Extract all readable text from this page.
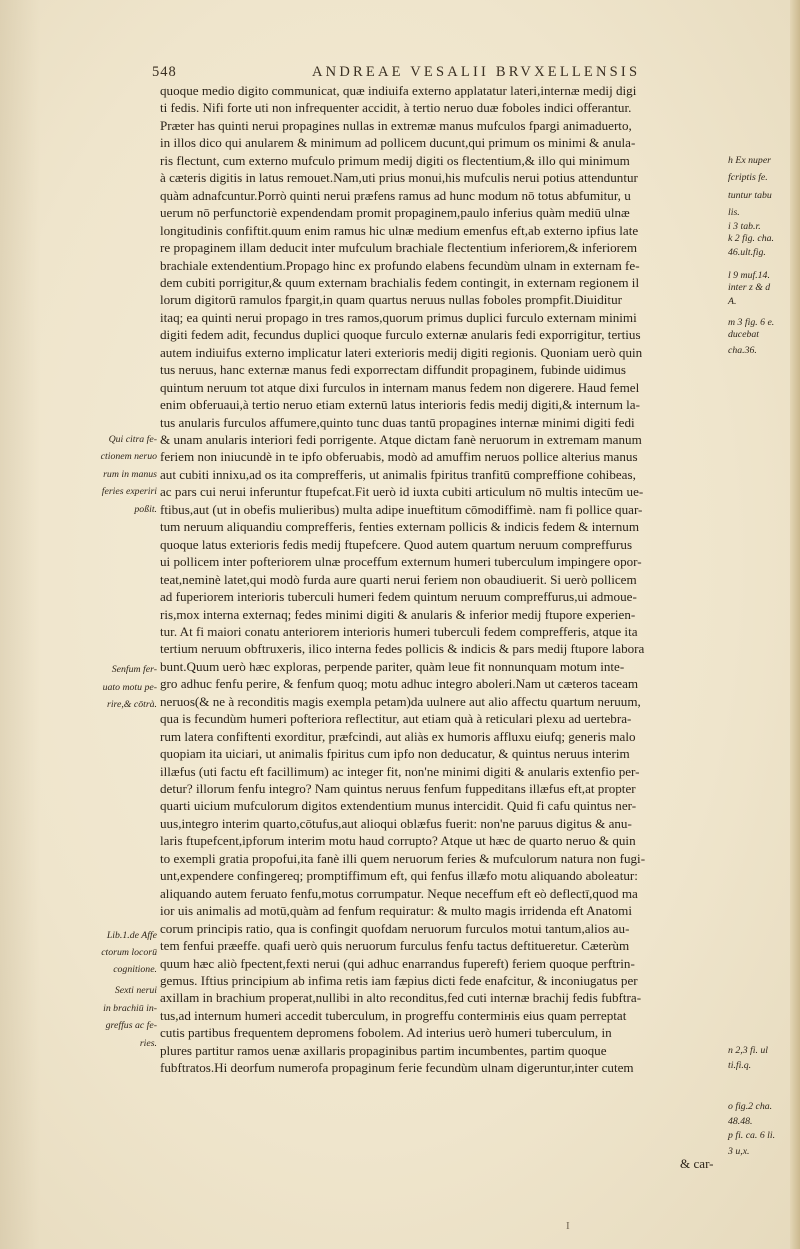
548	ANDREAE VESALII BRVXELLENSIS
quoque medio digito communicat, quæ indiuifa externo applatatur lateri,internæ medij digi
ti fedis. Nifi forte uti non infrequenter accidit, à tertio neruo duæ foboles indici offerantur.
Præter has quinti nerui propagines nullas in extremæ manus mufculos fpargi animaduerto,
in illos dico qui anularem & minimum ad pollicem ducunt,qui primum os minimi & anula-
ris flectunt, cum externo mufculo primum medij digiti os flectentium,& illo qui minimum
à cæteris digitis in latus remouet.Nam,uti prius monui,his mufculis nerui potius attenduntur
quàm adnafcuntur.Porrò quinti nerui præfens ramus ad hunc modum nō totus abfumitur, u
uerum nō perfunctoriè expendendam promit propaginem,paulo inferius quàm mediū ulnæ
longitudinis confiftit.quum enim ramus hic ulnæ medium emenfus eft,ab externo ipfius late
re propaginem illam deducit inter mufculum brachiale flectentium inferiorem,& inferiorem
brachiale extendentium.Propago hinc ex profundo elabens fecundùm ulnam in externam fe-
dem cubiti porrigitur,& quum externam brachialis fedem contingit, in externam regionem il
lorum digitorū ramulos fpargit,in quam quartus neruus nullas foboles prompfit.Diuiditur
itaq; ea quinti nerui propago in tres ramos,quorum primus duplici furculo externam minimi
digiti fedem adit, fecundus duplici quoque furculo externæ anularis fedi exporrigitur, tertius
autem indiuifus externo implicatur lateri exterioris medij digiti regionis. Quoniam uerò quin
tus neruus, hanc externæ manus fedi exporrectam diffundit propaginem, fubinde uidimus
quintum neruum tot atque dixi furculos in internam manus fedem non digerere. Haud femel
enim obferuaui,à tertio neruo etiam externū latus interioris fedis medij digiti,& internum la-
tus anularis furculos affumere,quinto tunc duas tantū propagines internæ minimi digiti fedi
& unam anularis interiori fedi porrigente. Atque dictam fanè neruorum in extremam manum
feriem non iniucundè in te ipfo obferuabis, modò ad amuffim neruos pollice alterius manus
aut cubiti innixu,ad os ita comprefferis, ut animalis fpiritus tranfitū compreffione cohibeas,
ac pars cui nerui inferuntur ftupefcat.Fit uerò id iuxta cubiti articulum nō multis intecūm ue-
ftibus,aut (ut in obefis mulieribus) multa adipe inueftitum cōmodiffimè. nam fi pollice quar-
tum neruum aliquandiu comprefferis, fenties externam pollicis & indicis fedem & internum
quoque latus exterioris fedis medij ftupefcere. Quod autem quartum neruum compreffurus
ui pollicem inter pofteriorem ulnæ proceffum externum humeri tuberculum impingere opor-
teat,neminè latet,qui modò furda aure quarti nerui feriem non obaudiuerit. Si uerò pollicem
ad fuperiorem interioris tuberculi humeri fedem quintum neruum compreffurus,ui admoue-
ris,mox interna externaq; fedes minimi digiti & anularis & inferior medij ftupore experien-
tur. At fi maiori conatu anteriorem interioris humeri tuberculi fedem comprefferis, atque ita
tertium neruum obftruxeris, ilico interna fedes pollicis & indicis & pars medij ftupore labora
bunt.Quum uerò hæc exploras, perpende pariter, quàm leue fit nonnunquam motum inte-
gro adhuc fenfu perire, & fenfum quoq; motu adhuc integro aboleri.Nam ut cæteros taceam
neruos(& ne à reconditis magis exempla petam)da uulnere aut alio affectu quartum neruum,
qua is fecundùm humeri pofteriora reflectitur, aut etiam quà à reticulari plexu ad uertebra-
rum latera confiftenti exorditur, præfcindi, aut aliàs ex humoris affluxu eiufq; generis malo
quopiam ita uiciari, ut animalis fpiritus cum ipfo non deducatur, & quintus neruus interim
illæfus (uti factu eft facillimum) ac integer fit, non'ne minimi digiti & anularis extenfio per-
detur? illorum fenfu integro? Nam quintus neruus fenfum fuppeditans illæfus eft,at propter
quarti uicium mufculorum digitos extendentium munus intercidit. Quid fi cafu quintus ner-
uus,integro interim quarto,cōtufus,aut alioqui oblæfus fuerit: non'ne paruus digitus & anu-
laris ftupefcent,ipforum interim motu haud corrupto? Atque ut hæc de quarto neruo & quin
to exempli gratia propofui,ita fanè illi quem neruorum feries & mufculorum natura non fugi-
unt,expendere confingereq; promptiffimum eft, qui fenfus illæfo motu aliquando aboleatur:
aliquando autem feruato fenfu,motus corrumpatur. Neque neceffum eft eò deflectī,quod ma
ior uis animalis ad motū,quàm ad fenfum requiratur: & multo magis irridenda eft Anatomi
corum principis ratio, qua is confingit quofdam neruorum furculos motui tantum,alios au-
tem fenfui præeffe. quafi uerò quis neruorum furculus fenfu tactus deftitueretur. Cæterùm
quum hæc aliò fpectent,fexti nerui (qui adhuc enarrandus fupereft) feriem quoque perftrin-
gemus. Iftius principium ab infima retis iam fæpius dicti fede enafcitur, & inconiugatus per
axillam in brachium properat,nullibi in alto reconditus,fed cuti internæ brachij fedis fubftra-
tus,ad internum humeri accedit tuberculum, in progreffu contermінis eius quam perreptat
cutis partibus frequentem depromens fobolem. Ad interius uerò humeri tuberculum, in
plures partitur ramos uenæ axillaris propaginibus partim incumbentes, partim quoque
fubftratos.Hi deorfum numerofa propaginum ferie fecundùm ulnam digeruntur,inter cutem
Qui citra fe-
ctionem neruo
rum in manus
feries experiri
poßit.
Senfum fer-
uato motu pe-
rire,& cōtrà.
Lib.1.de Affe
ctorum locorū
cognitione.
Sexti nerui
in brachiū in-
greffus ac fe-
ries.
h Ex nuper
fcriptis fe.
tuntur tabu
lis.
i 3 tab.r.
k 2 fig. cha.
46.ult.fig.
l 9 muf.14.
inter z & d
A.
m 3 fig. 6 e.
ducebat
cha.36.
n 2,3 fi. ul
ti.fi.q.
o fig.2 cha.
48.48.
p fi. ca. 6 li.
3 u,x.
& car-
I
